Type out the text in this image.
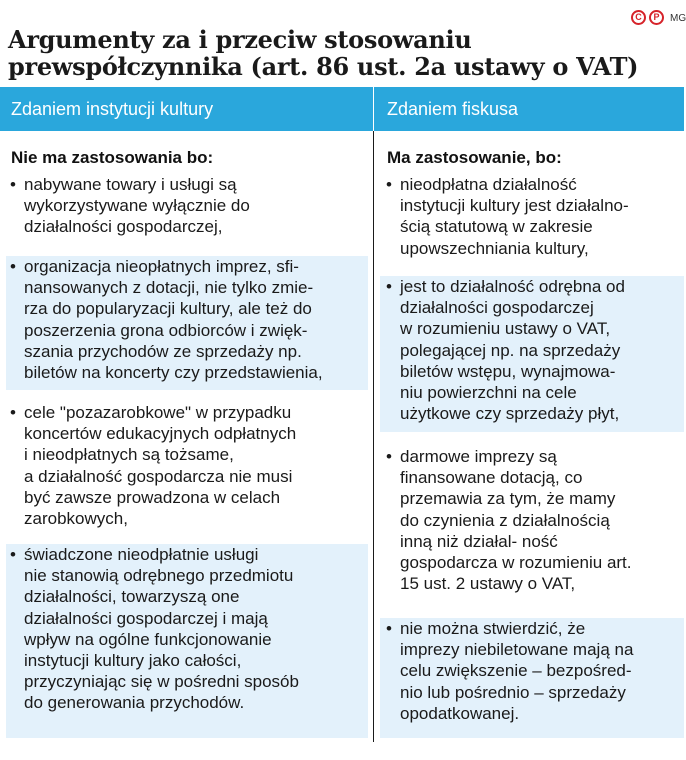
Argumenty za i przeciw stosowaniu prewspółczynnika (art. 86 ust. 2a ustawy o VAT)
C	P	MG
Zdaniem instytucji kultury	Zdaniem fiskusa
Nie ma zastosowania bo:
• nabywane towary i usługi są
wykorzystywane wyłącznie do
działalności gospodarczej,
• organizacja nieopłatnych imprez, sfi-
nansowanych z dotacji, nie tylko zmie-
rza do popularyzacji kultury, ale też do
poszerzenia grona odbiorców i zwięk-
szania przychodów ze sprzedaży np.
biletów na koncerty czy przedstawienia,
• cele "pozazarobkowe" w przypadku
koncertów edukacyjnych odpłatnych
i nieodpłatnych są tożsame,
a działalność gospodarcza nie musi
być zawsze prowadzona w celach
zarobkowych,
• świadczone nieodpłatnie usługi
nie stanowią odrębnego przedmiotu
działalności, towarzyszą one
działalności gospodarczej i mają
wpływ na ogólne funkcjonowanie
instytucji kultury jako całości,
przyczyniając się w pośredni sposób
do generowania przychodów.
Ma zastosowanie, bo:
• nieodpłatna działalność
instytucji kultury jest działalno-
ścią statutową w zakresie
upowszechniania kultury,
• jest to działalność odrębna od
działalności gospodarczej
w rozumieniu ustawy o VAT,
polegającej np. na sprzedaży
biletów wstępu, wynajmowa-
niu powierzchni na cele
użytkowe czy sprzedaży płyt,
• darmowe imprezy są
finansowane dotacją, co
przemawia za tym, że mamy
do czynienia z działalnością
inną niż działal- ność
gospodarcza w rozumieniu art.
15 ust. 2 ustawy o VAT,
• nie można stwierdzić, że
imprezy niebiletowane mają na
celu zwiększenie – bezpośred-
nio lub pośrednio – sprzedaży
opodatkowanej.
